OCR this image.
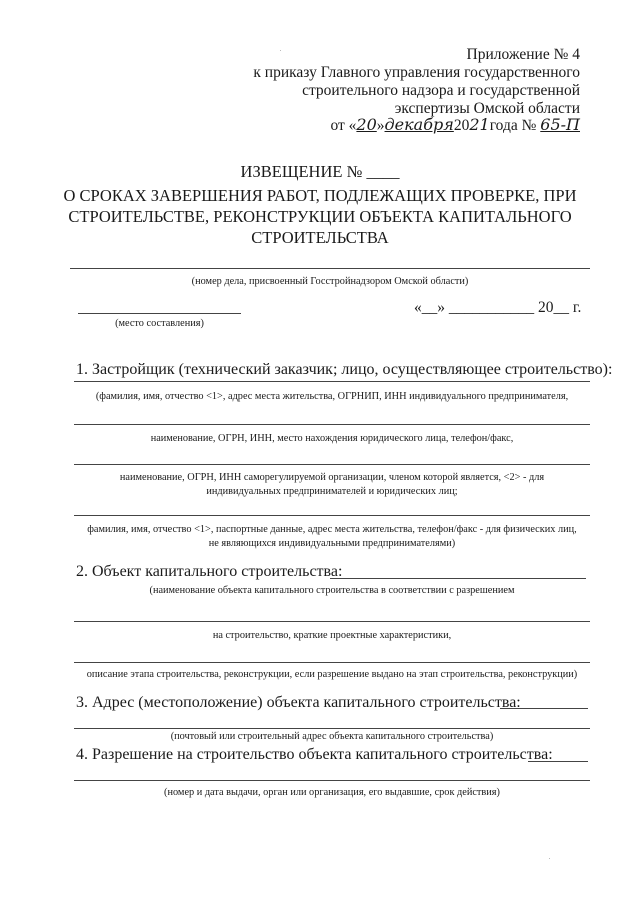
Приложение № 4
к приказу Главного управления государственного
строительного надзора и государственной
экспертизы Омской области
от «20»декабря2021года № 65-П
ИЗВЕЩЕНИЕ № ____
О СРОКАХ ЗАВЕРШЕНИЯ РАБОТ, ПОДЛЕЖАЩИХ ПРОВЕРКЕ, ПРИ
СТРОИТЕЛЬСТВЕ, РЕКОНСТРУКЦИИ ОБЪЕКТА КАПИТАЛЬНОГО
СТРОИТЕЛЬСТВА
(номер дела, присвоенный Госстройнадзором Омской области)
(место составления)
«__» ___________ 20__ г.
1. Застройщик (технический заказчик; лицо, осуществляющее строительство):
(фамилия, имя, отчество <1>, адрес места жительства, ОГРНИП, ИНН индивидуального предпринимателя,
наименование, ОГРН, ИНН, место нахождения юридического лица, телефон/факс,
наименование, ОГРН, ИНН саморегулируемой организации, членом которой является, <2> - для
индивидуальных предпринимателей и юридических лиц;
фамилия, имя, отчество <1>, паспортные данные, адрес места жительства, телефон/факс - для физических лиц,
не являющихся индивидуальными предпринимателями)
2. Объект капитального строительства:
(наименование объекта капитального строительства в соответствии с разрешением
на строительство, краткие проектные характеристики,
описание этапа строительства, реконструкции, если разрешение выдано на этап строительства, реконструкции)
3. Адрес (местоположение) объекта капитального строительства:
(почтовый или строительный адрес объекта капитального строительства)
4. Разрешение на строительство объекта капитального строительства:
(номер и дата выдачи, орган или организация, его выдавшие, срок действия)
